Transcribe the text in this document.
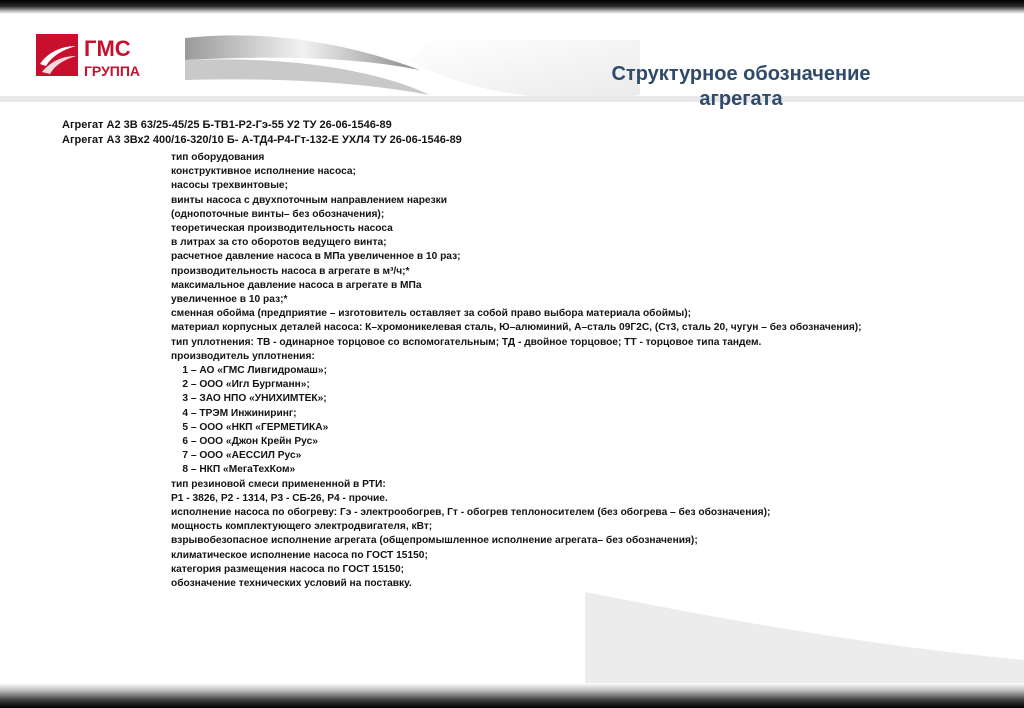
ГМС
ГРУППА	Структурное обозначение
агрегата
Агрегат А2 3В 63/25-45/25 Б-ТВ1-Р2-Гэ-55 У2 ТУ 26-06-1546-89
Агрегат А3 3Вх2 400/16-320/10 Б- А-ТД4-Р4-Гт-132-Е УХЛ4 ТУ 26-06-1546-89
тип оборудования
конструктивное исполнение насоса;
насосы трехвинтовые;
винты насоса с двухпоточным направлением нарезки
(однопоточные винты– без обозначения);
теоретическая производительность насоса
в литрах за сто оборотов ведущего винта;
расчетное давление насоса в МПа увеличенное в 10 раз;
производительность насоса в агрегате в м³/ч;*
максимальное давление насоса в агрегате в МПа
увеличенное в 10 раз;*
сменная обойма (предприятие – изготовитель оставляет за собой право выбора материала обоймы);
материал корпусных деталей насоса: К–хромоникелевая сталь, Ю–алюминий, А–сталь 09Г2С, (Ст3, сталь 20, чугун – без обозначения);
тип уплотнения: ТВ - одинарное торцовое со вспомогательным; ТД - двойное торцовое; ТТ - торцовое типа тандем.
производитель уплотнения:
1 – АО «ГМС Ливгидромаш»;
2 – ООО «Игл Бургманн»;
3 – ЗАО НПО «УНИХИМТЕК»;
4 – ТРЭМ Инжиниринг;
5 – ООО «НКП «ГЕРМЕТИКА»
6 – ООО «Джон Крейн Рус»
7 – ООО «АЕССИЛ Рус»
8 – НКП «МегаТехКом»
тип резиновой смеси примененной в РТИ:
Р1 - 3826, Р2 - 1314, Р3 - СБ-26, Р4 - прочие.
исполнение насоса по обогреву: Гэ - электрообогрев, Гт - обогрев теплоносителем (без обогрева – без обозначения);
мощность комплектующего электродвигателя, кВт;
взрывобезопасное исполнение агрегата (общепромышленное исполнение агрегата– без обозначения);
климатическое исполнение насоса по ГОСТ 15150;
категория размещения насоса по ГОСТ 15150;
обозначение технических условий на поставку.
